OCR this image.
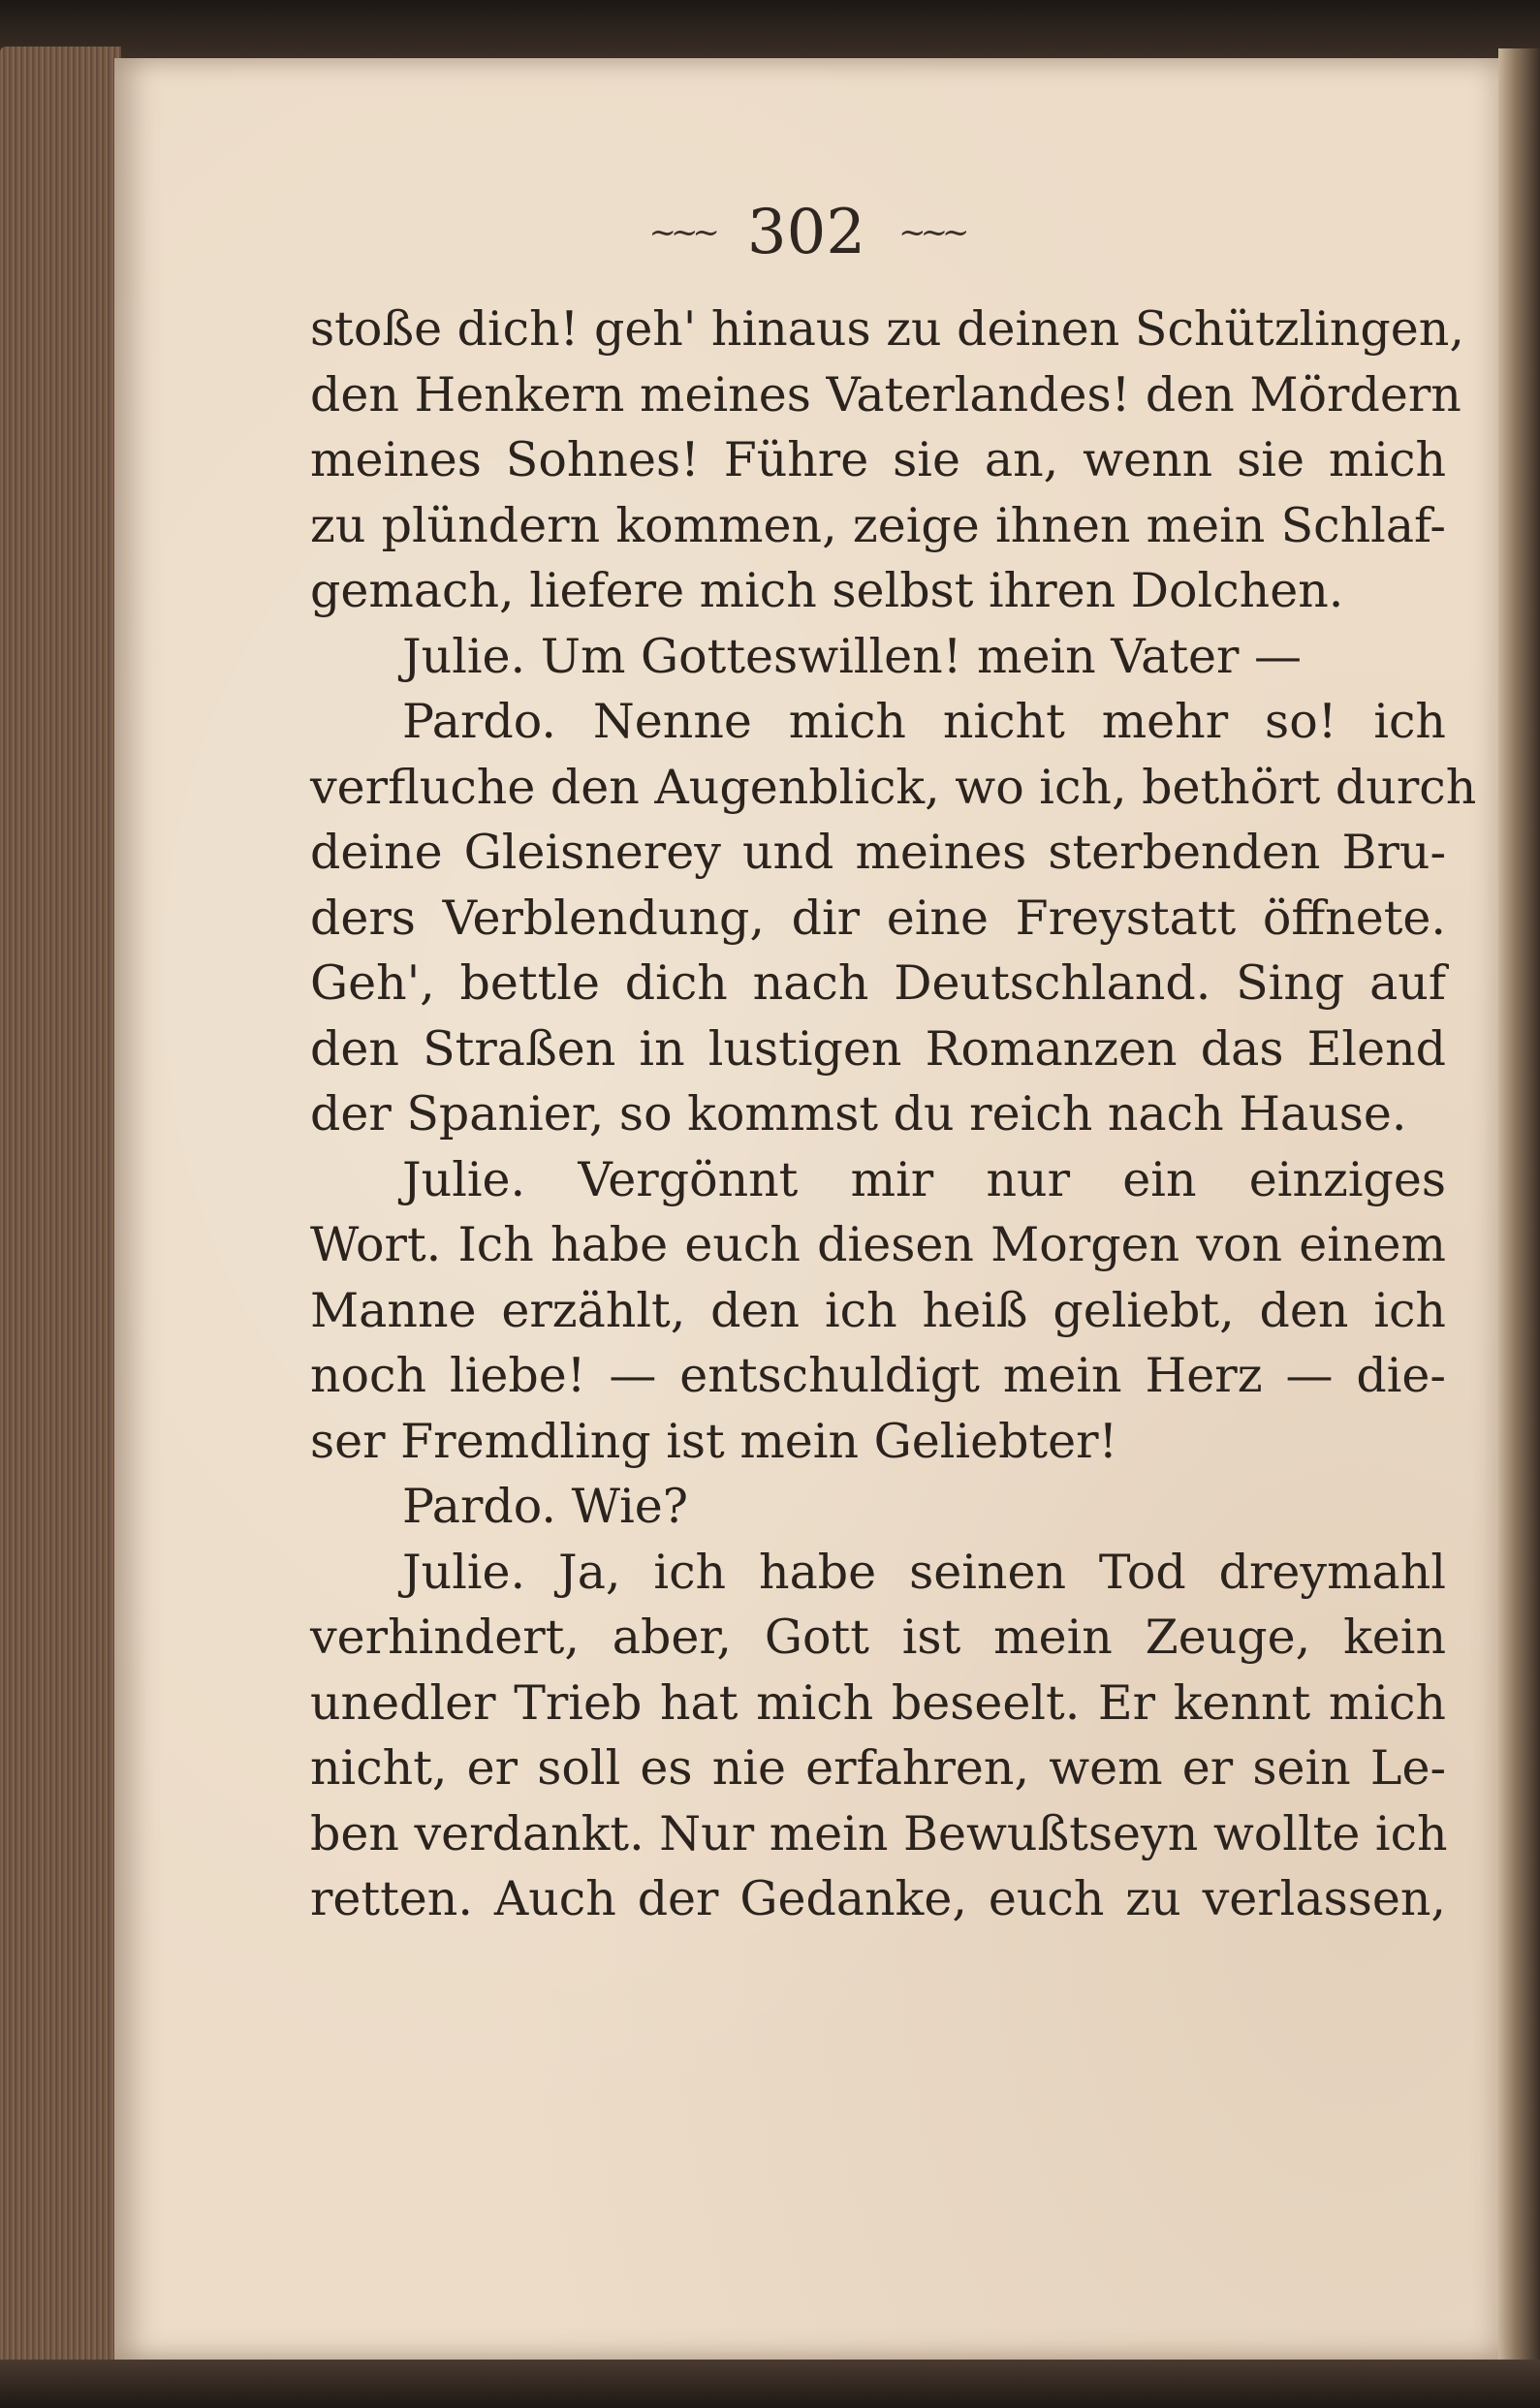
~~~ 302 ~~~
stoße dich! geh' hinaus zu deinen Schützlingen,
den Henkern meines Vaterlandes! den Mördern
meines Sohnes! Führe sie an, wenn sie mich
zu plündern kommen, zeige ihnen mein Schlaf-
gemach, liefere mich selbst ihren Dolchen.
Julie. Um Gotteswillen! mein Vater —
Pardo. Nenne mich nicht mehr so! ich
verfluche den Augenblick, wo ich, bethört durch
deine Gleisnerey und meines sterbenden Bru-
ders Verblendung, dir eine Freystatt öffnete.
Geh', bettle dich nach Deutschland. Sing auf
den Straßen in lustigen Romanzen das Elend
der Spanier, so kommst du reich nach Hause.
Julie. Vergönnt mir nur ein einziges
Wort. Ich habe euch diesen Morgen von einem
Manne erzählt, den ich heiß geliebt, den ich
noch liebe! — entschuldigt mein Herz — die-
ser Fremdling ist mein Geliebter!
Pardo. Wie?
Julie. Ja, ich habe seinen Tod dreymahl
verhindert, aber, Gott ist mein Zeuge, kein
unedler Trieb hat mich beseelt. Er kennt mich
nicht, er soll es nie erfahren, wem er sein Le-
ben verdankt. Nur mein Bewußtseyn wollte ich
retten. Auch der Gedanke, euch zu verlassen,
